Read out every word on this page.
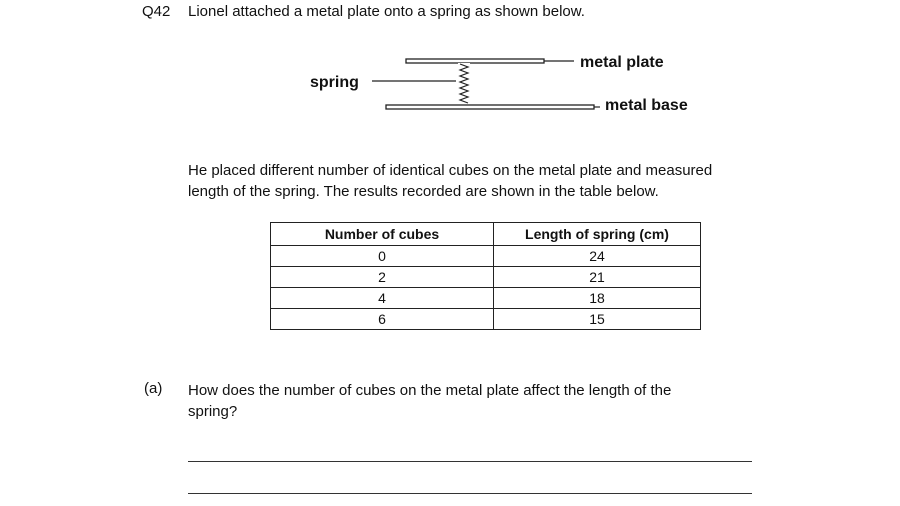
Q42 Lionel attached a metal plate onto a spring as shown below.
spring
metal plate
metal base

He placed different number of identical cubes on the metal plate and measured

length of the spring. The results recorded are shown in the table below.

Number of cubes	Length of spring (cm)
0	24
2	21
4	18
6	15
(a) How does the number of cubes on the metal plate affect the length of the
spring?
